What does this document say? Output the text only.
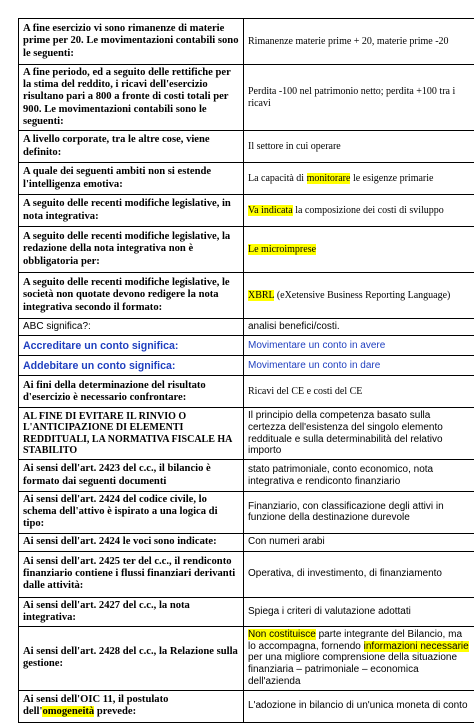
A fine esercizio vi sono rimanenze di materie prime per 20. Le movimentazioni contabili sono le seguenti:	Rimanenze materie prime + 20, materie prime -20
A fine periodo, ed a seguito delle rettifiche per la stima del reddito, i ricavi dell'esercizio risultano pari a 800 a fronte di costi totali per 900. Le movimentazioni contabili sono le seguenti:	Perdita -100 nel patrimonio netto; perdita +100 tra i ricavi
A livello corporate, tra le altre cose, viene definito:	Il settore in cui operare
A quale dei seguenti ambiti non si estende l'intelligenza emotiva:	La capacità di monitorare le esigenze primarie
A seguito delle recenti modifiche legislative, in nota integrativa:	Va indicata la composizione dei costi di sviluppo
A seguito delle recenti modifiche legislative, la redazione della nota integrativa non è obbligatoria per:	Le microimprese
A seguito delle recenti modifiche legislative, le società non quotate devono redigere la nota integrativa secondo il formato:	XBRL (eXetensive Business Reporting Language)
ABC significa?:	analisi benefici/costi.
Accreditare un conto significa:	Movimentare un conto in avere
Addebitare un conto significa:	Movimentare un conto in dare
Ai fini della determinazione del risultato d'esercizio è necessario confrontare:	Ricavi del CE e costi del CE
AL FINE DI EVITARE IL RINVIO O L'ANTICIPAZIONE DI ELEMENTI REDDITUALI, LA NORMATIVA FISCALE HA STABILITO	Il principio della competenza basato sulla certezza dell'esistenza del singolo elemento reddituale e sulla determinabilità del relativo importo
Ai sensi dell'art. 2423 del c.c., il bilancio è formato dai seguenti documenti	stato patrimoniale, conto economico, nota integrativa e rendiconto finanziario
Ai sensi dell'art. 2424 del codice civile, lo schema dell'attivo è ispirato a una logica di tipo:	Finanziario, con classificazione degli attivi in funzione della destinazione durevole
Ai sensi dell'art. 2424 le voci sono indicate:	Con numeri arabi
Ai sensi dell'art. 2425 ter del c.c., il rendiconto finanziario contiene i flussi finanziari derivanti dalle attività:	Operativa, di investimento, di finanziamento
Ai sensi dell'art. 2427 del c.c., la nota integrativa:	Spiega i criteri di valutazione adottati
Ai sensi dell'art. 2428 del c.c., la Relazione sulla gestione:	Non costituisce parte integrante del Bilancio, ma lo accompagna, fornendo informazioni necessarie per una migliore comprensione della situazione finanziaria – patrimoniale – economica dell'azienda
Ai sensi dell'OIC 11, il postulato dell'omogeneità prevede:	L'adozione in bilancio di un'unica moneta di conto
